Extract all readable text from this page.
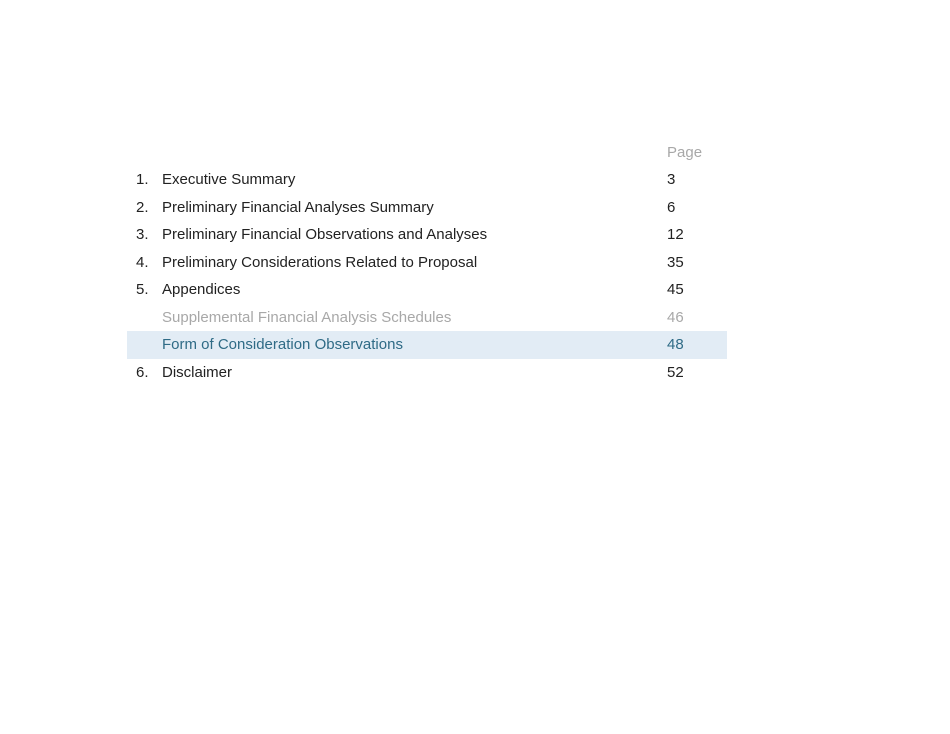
Page
1. Executive Summary	3
2. Preliminary Financial Analyses Summary	6
3. Preliminary Financial Observations and Analyses	12
4. Preliminary Considerations Related to Proposal	35
5. Appendices	45
Supplemental Financial Analysis Schedules	46
Form of Consideration Observations	48
6. Disclaimer	52
